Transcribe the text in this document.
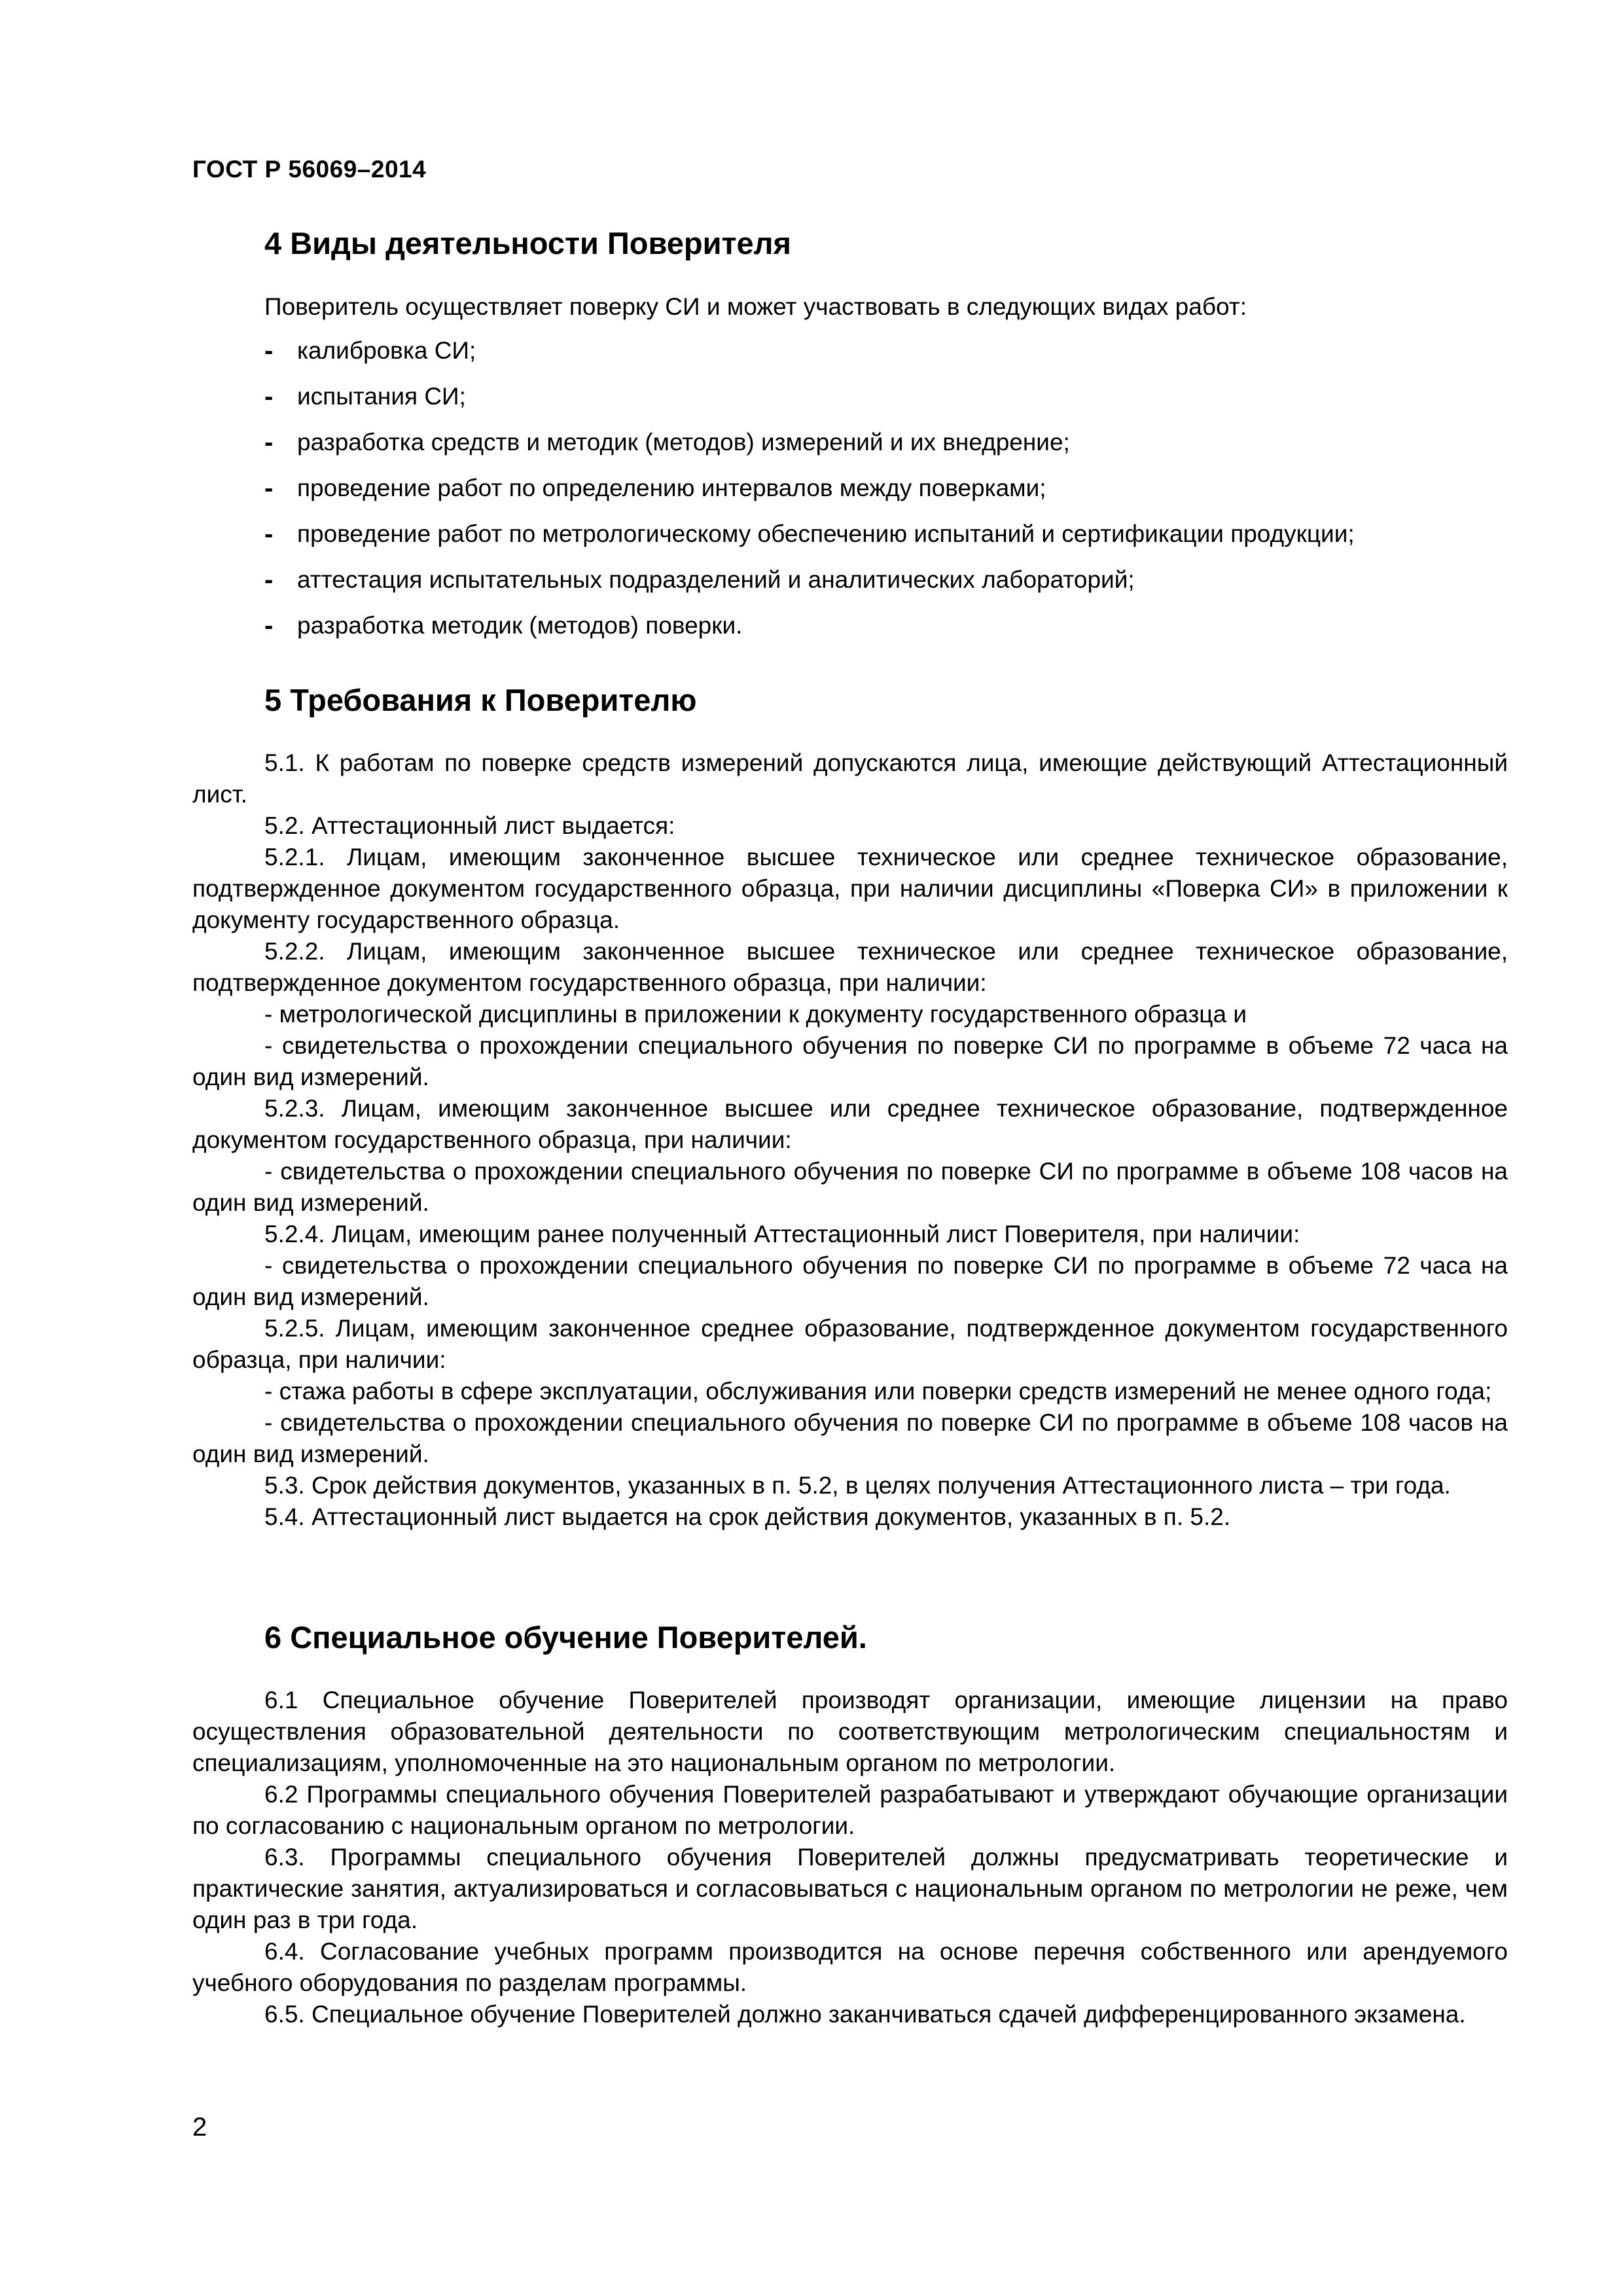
ГОСТ Р 56069–2014
4 Виды деятельности Поверителя
Поверитель осуществляет поверку СИ и может участвовать в следующих видах работ:
- калибровка СИ;
- испытания СИ;
- разработка средств и методик (методов) измерений и их внедрение;
- проведение работ по определению интервалов между поверками;
- проведение работ по метрологическому обеспечению испытаний и сертификации продукции;
- аттестация испытательных подразделений и аналитических лабораторий;
- разработка методик (методов) поверки.
5 Требования к Поверителю

5.1. К работам по поверке средств измерений допускаются лица, имеющие действующий Аттестационный лист.

5.2. Аттестационный лист выдается:

5.2.1. Лицам, имеющим законченное высшее техническое или среднее техническое образование, подтвержденное документом государственного образца, при наличии дисциплины «Поверка СИ» в приложении к документу государственного образца.

5.2.2. Лицам, имеющим законченное высшее техническое или среднее техническое образование, подтвержденное документом государственного образца, при наличии:

- метрологической дисциплины в приложении к документу государственного образца и

- свидетельства о прохождении специального обучения по поверке СИ по программе в объеме 72 часа на один вид измерений.

5.2.3. Лицам, имеющим законченное высшее или среднее техническое образование, подтвержденное документом государственного образца, при наличии:

- свидетельства о прохождении специального обучения по поверке СИ по программе в объеме 108 часов на один вид измерений.

5.2.4. Лицам, имеющим ранее полученный Аттестационный лист Поверителя, при наличии:

- свидетельства о прохождении специального обучения по поверке СИ по программе в объеме 72 часа на один вид измерений.

5.2.5. Лицам, имеющим законченное среднее образование, подтвержденное документом государственного образца, при наличии:

- стажа работы в сфере эксплуатации, обслуживания или поверки средств измерений не менее одного года;

- свидетельства о прохождении специального обучения по поверке СИ по программе в объеме 108 часов на один вид измерений.

5.3. Срок действия документов, указанных в п. 5.2, в целях получения Аттестационного листа – три года.

5.4. Аттестационный лист выдается на срок действия документов, указанных в п. 5.2.

6 Специальное обучение Поверителей.

6.1 Специальное обучение Поверителей производят организации, имеющие лицензии на право осуществления образовательной деятельности по соответствующим метрологическим специальностям и специализациям, уполномоченные на это национальным органом по метрологии.

6.2 Программы специального обучения Поверителей разрабатывают и утверждают обучающие организации по согласованию с национальным органом по метрологии.

6.3. Программы специального обучения Поверителей должны предусматривать теоретические и практические занятия, актуализироваться и согласовываться с национальным органом по метрологии не реже, чем один раз в три года.

6.4. Согласование учебных программ производится на основе перечня собственного или арендуемого учебного оборудования по разделам программы.

6.5. Специальное обучение Поверителей должно заканчиваться сдачей дифференцированного экзамена.

2
